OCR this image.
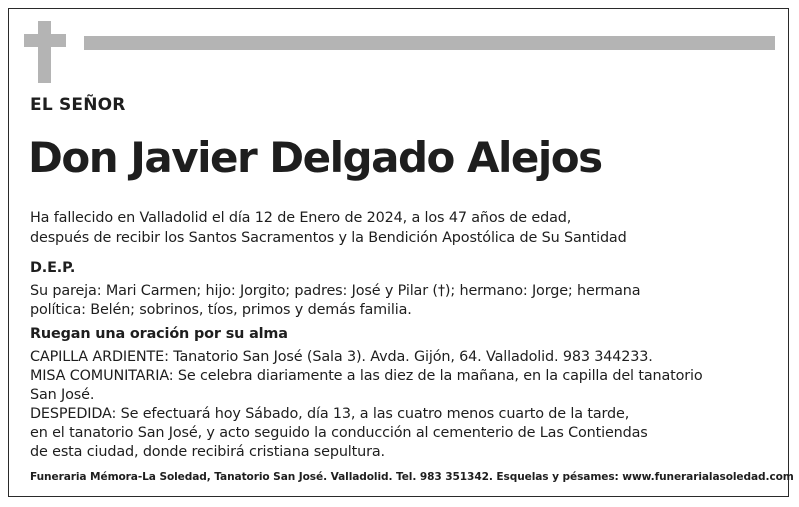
EL SEÑOR
Don Javier Delgado Alejos
Ha fallecido en Valladolid el día 12 de Enero de 2024, a los 47 años de edad,
después de recibir los Santos Sacramentos y la Bendición Apostólica de Su Santidad
D.E.P.
Su pareja: Mari Carmen; hijo: Jorgito; padres: José y Pilar (†); hermano: Jorge; hermana
política: Belén; sobrinos, tíos, primos y demás familia.
Ruegan una oración por su alma
CAPILLA ARDIENTE: Tanatorio San José (Sala 3). Avda. Gijón, 64. Valladolid. 983 344233.
MISA COMUNITARIA: Se celebra diariamente a las diez de la mañana, en la capilla del tanatorio
San José.
DESPEDIDA: Se efectuará hoy Sábado, día 13, a las cuatro menos cuarto de la tarde,
en el tanatorio San José, y acto seguido la conducción al cementerio de Las Contiendas
de esta ciudad, donde recibirá cristiana sepultura.
Funeraria Mémora-La Soledad, Tanatorio San José. Valladolid. Tel. 983 351342. Esquelas y pésames: www.funerarialasoledad.com
